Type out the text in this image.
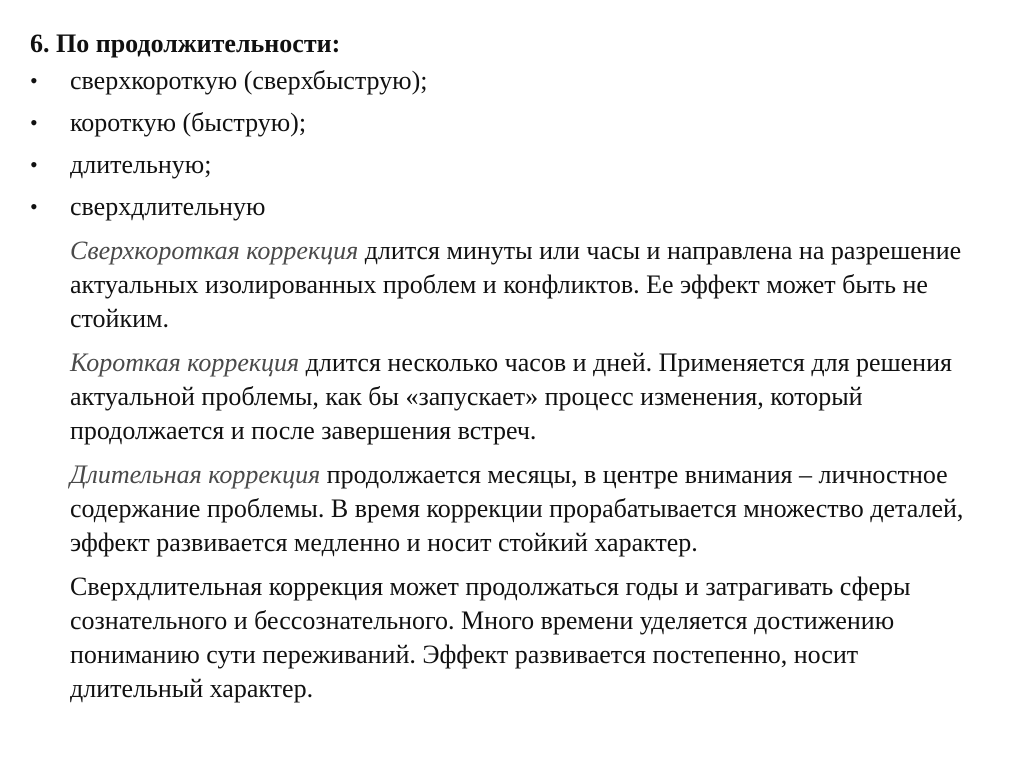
6. По продолжительности:
• сверхкороткую (сверхбыструю);
• короткую (быструю);
• длительную;
• сверхдлительную

Сверхкороткая коррекция длится минуты или часы и направлена на разрешение актуальных изолированных проблем и конфликтов. Ее эффект может быть не стойким.

Короткая коррекция длится несколько часов и дней. Применяется для решения актуальной проблемы, как бы «запускает» процесс изменения, который продолжается и после завершения встреч.

Длительная коррекция продолжается месяцы, в центре внимания – личностное содержание проблемы. В время коррекции прорабатывается множество деталей, эффект развивается медленно и носит стойкий характер.

Сверхдлительная коррекция может продолжаться годы и затрагивать сферы сознательного и бессознательного. Много времени уделяется достижению пониманию сути переживаний. Эффект развивается постепенно, носит длительный характер.
